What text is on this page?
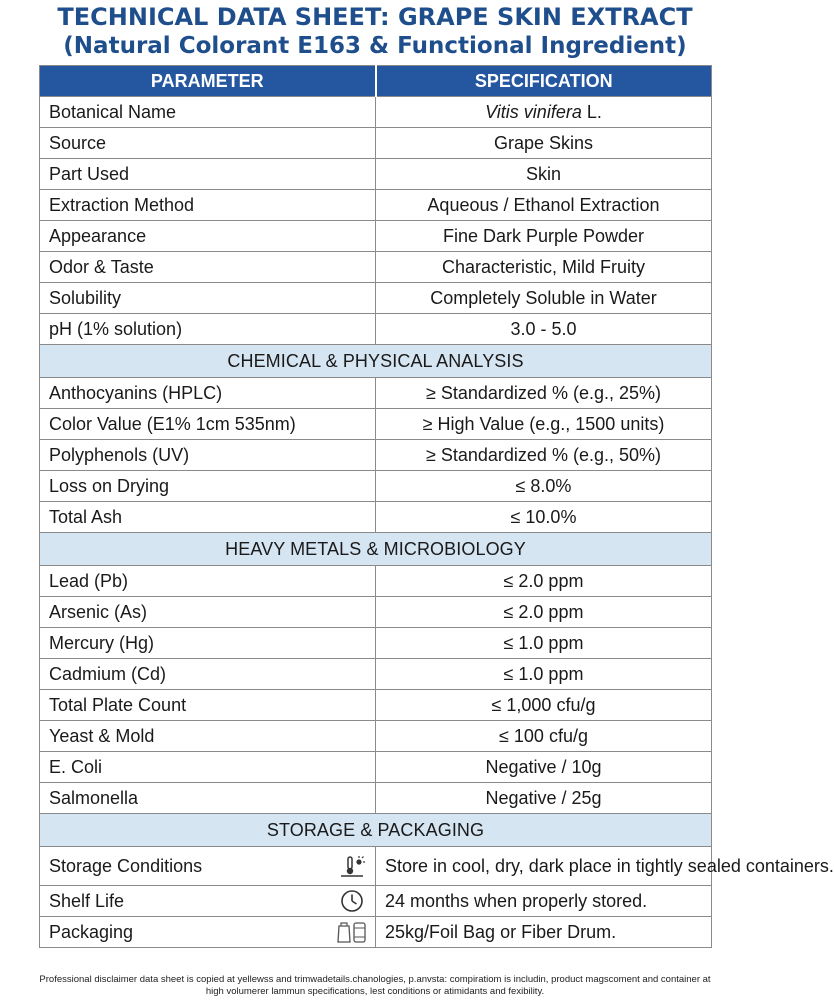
TECHNICAL DATA SHEET: GRAPE SKIN EXTRACT
(Natural Colorant E163 & Functional Ingredient)
PARAMETER	SPECIFICATION
Botanical Name	Vitis vinifera L.
Source	Grape Skins
Part Used	Skin
Extraction Method	Aqueous / Ethanol Extraction
Appearance	Fine Dark Purple Powder
Odor & Taste	Characteristic, Mild Fruity
Solubility	Completely Soluble in Water
pH (1% solution)	3.0 - 5.0
CHEMICAL & PHYSICAL ANALYSIS	
Anthocyanins (HPLC)	≥ Standardized % (e.g., 25%)
Color Value (E1% 1cm 535nm)	≥ High Value (e.g., 1500 units)
Polyphenols (UV)	≥ Standardized % (e.g., 50%)
Loss on Drying	≤ 8.0%
Total Ash	≤ 10.0%
HEAVY METALS & MICROBIOLOGY	
Lead (Pb)	≤ 2.0 ppm
Arsenic (As)	≤ 2.0 ppm
Mercury (Hg)	≤ 1.0 ppm
Cadmium (Cd)	≤ 1.0 ppm
Total Plate Count	≤ 1,000 cfu/g
Yeast & Mold	≤ 100 cfu/g
E. Coli	Negative / 10g
Salmonella	Negative / 25g
STORAGE & PACKAGING	

Storage Conditions	Store in cool, dry, dark place in tightly sealed containers.

Shelf Life	24 months when properly stored.

Packaging	25kg/Foil Bag or Fiber Drum.
Professional disclaimer data sheet is copied at yellewss and trimwadetails.chanologies, p.anvsta: compiratiom is includin, product magscoment and container at high volumerer lammun specifications, lest conditions or atimidants and fexibility.
